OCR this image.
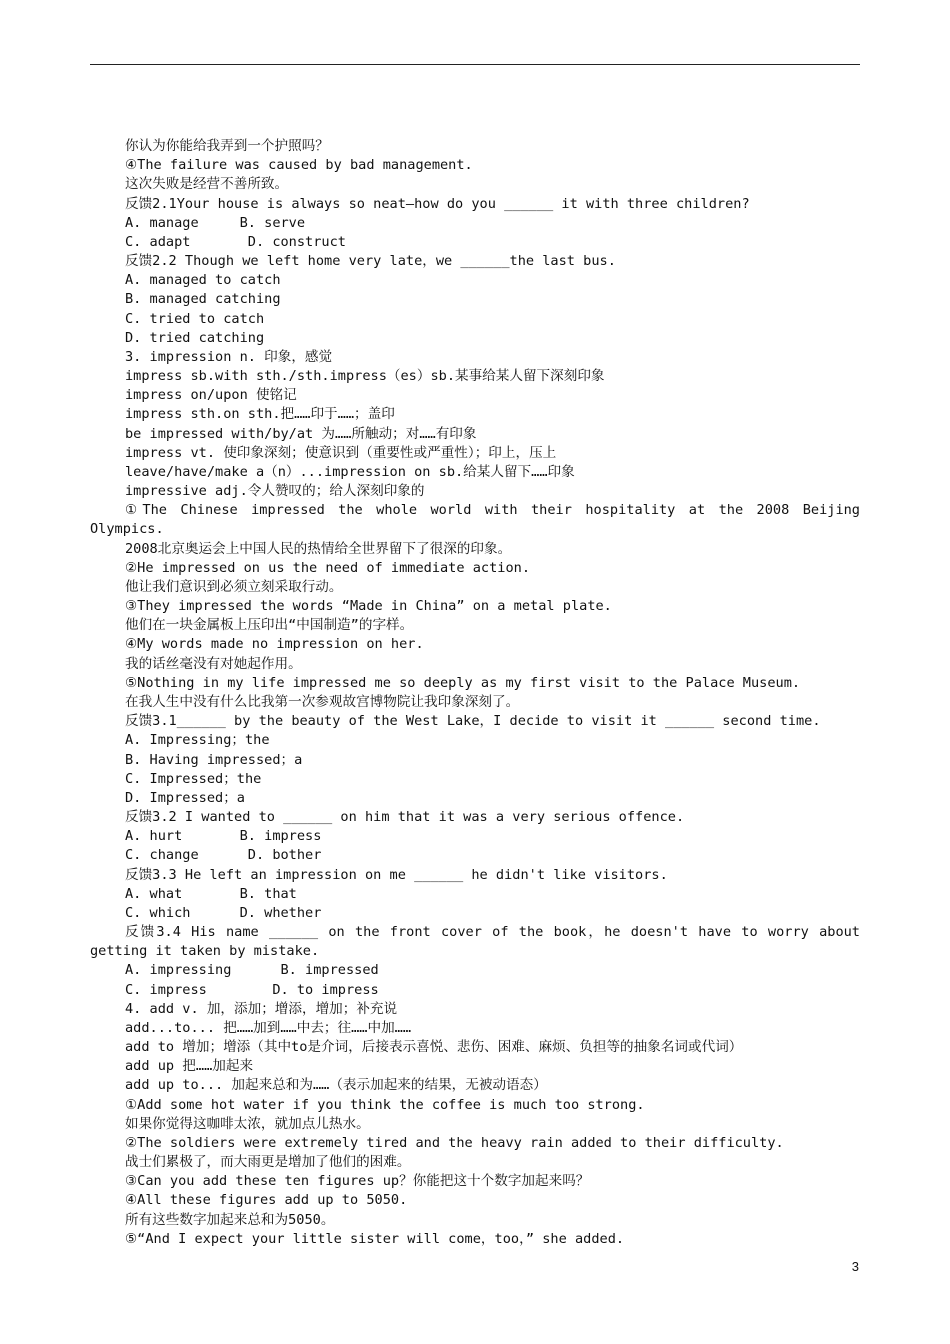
你认为你能给我弄到一个护照吗？
④The failure was caused by bad management.
这次失败是经营不善所致。
反馈2.1Your house is always so neat—how do you ______ it with three children?
A. manage     B. serve
C. adapt       D. construct
反馈2.2 Though we left home very late，we ______the last bus.
A. managed to catch
B. managed catching
C. tried to catch
D. tried catching
3. impression n. 印象，感觉
impress sb.with sth./sth.impress（es）sb.某事给某人留下深刻印象
impress on/upon 使铭记
impress sth.on sth.把……印于……；盖印
be impressed with/by/at 为……所触动；对……有印象
impress vt. 使印象深刻；使意识到（重要性或严重性）；印上，压上
leave/have/make a（n）...impression on sb.给某人留下……印象
impressive adj.令人赞叹的；给人深刻印象的
①The Chinese impressed the whole world with their hospitality at the 2008 Beijing
Olympics.
2008北京奥运会上中国人民的热情给全世界留下了很深的印象。
②He impressed on us the need of immediate action.
他让我们意识到必须立刻采取行动。
③They impressed the words “Made in China” on a metal plate.
他们在一块金属板上压印出“中国制造”的字样。
④My words made no impression on her.
我的话丝毫没有对她起作用。
⑤Nothing in my life impressed me so deeply as my first visit to the Palace Museum.
在我人生中没有什么比我第一次参观故宫博物院让我印象深刻了。
反馈3.1______ by the beauty of the West Lake，I decide to visit it ______ second time.
A. Impressing；the
B. Having impressed；a
C. Impressed；the
D. Impressed；a
反馈3.2 I wanted to ______ on him that it was a very serious offence.
A. hurt       B. impress
C. change      D. bother
反馈3.3 He left an impression on me ______ he didn't like visitors.
A. what       B. that
C. which      D. whether
反馈3.4 His name ______ on the front cover of the book，he doesn't have to worry about
getting it taken by mistake.
A. impressing      B. impressed
C. impress        D. to impress
4. add v. 加，添加；增添，增加；补充说
add...to... 把……加到……中去；往……中加……
add to 增加；增添（其中to是介词，后接表示喜悦、悲伤、困难、麻烦、负担等的抽象名词或代词）
add up 把……加起来
add up to... 加起来总和为……（表示加起来的结果，无被动语态）
①Add some hot water if you think the coffee is much too strong.
如果你觉得这咖啡太浓，就加点儿热水。
②The soldiers were extremely tired and the heavy rain added to their difficulty.
战士们累极了，而大雨更是增加了他们的困难。
③Can you add these ten figures up？你能把这十个数字加起来吗？
④All these figures add up to 5050.
所有这些数字加起来总和为5050。
⑤“And I expect your little sister will come，too，” she added.
3
